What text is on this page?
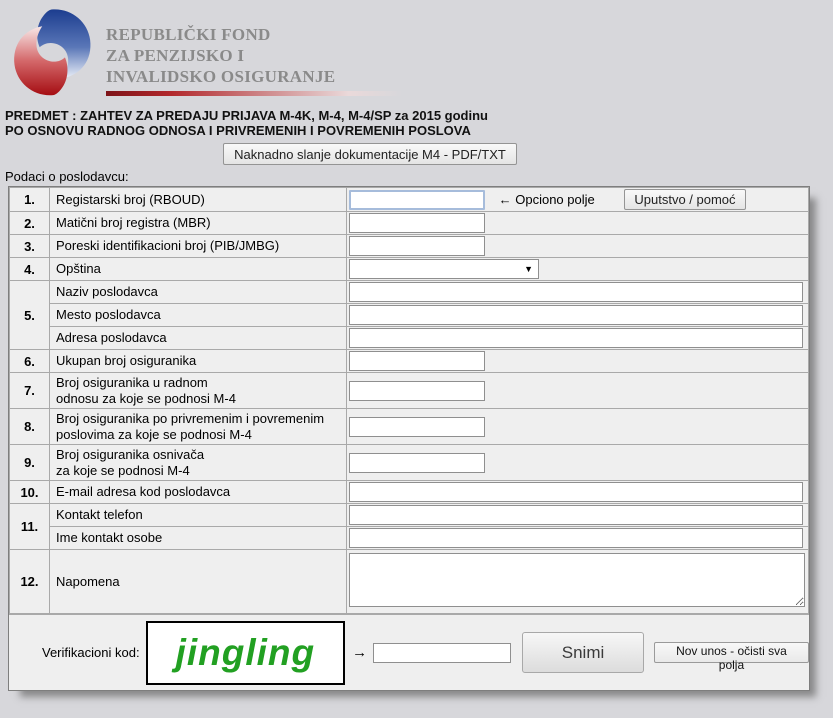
REPUBLIČKI FOND
ZA PENZIJSKO I
INVALIDSKO OSIGURANJE
PREDMET : ZAHTEV ZA PREDAJU PRIJAVA M-4K, M-4, M-4/SP za 2015 godinu
PO OSNOVU RADNOG ODNOSA I PRIVREMENIH I POVREMENIH POSLOVA
Naknadno slanje dokumentacije M4 - PDF/TXT
Podaci o poslodavcu:
1.	Registarski broj (RBOUD)	← Opciono polje Uputstvo / pomoć
2.	Matični broj registra (MBR)	
3.	Poreski identifikacioni broj (PIB/JMBG)	
4.	Opština	▼

5.	Naziv poslodavca	
	Mesto poslodavca	
	Adresa poslodavca	
6.	Ukupan broj osiguranika	
7.	Broj osiguranika u radnom
odnosu za koje se podnosi M-4

8.	Broj osiguranika po privremenim i povremenim
poslovima za koje se podnosi M-4

9.	Broj osiguranika osnivača
za koje se podnosi M-4

10.	E-mail adresa kod poslodavca	
11.	Kontakt telefon	
	Ime kontakt osobe	
12.	Napomena	
Verifikacioni kod: jingling →	Snimi	Nov unos - očisti sva polja
